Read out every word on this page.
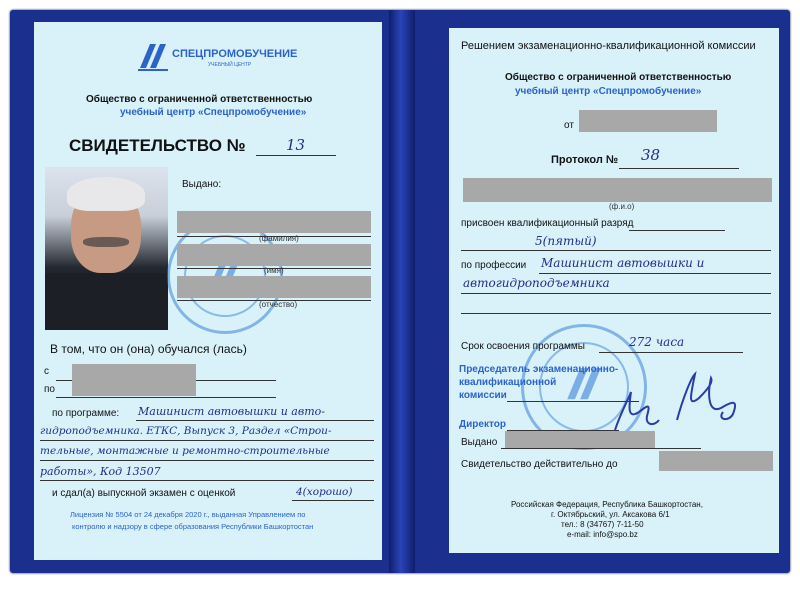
СПЕЦПРОМОБУЧЕНИЕ
УЧЕБНЫЙ ЦЕНТР
Общество с ограниченной ответственностью
учебный центр «Спецпромобучение»
СВИДЕТЕЛЬСТВО №	13
Выдано:
(фамилия)
(имя)
(отчество)
В том, что он (она) обучался (лась)
с
по
по программе: Машинист автовышки и авто-
гидроподъемника. ЕТКС, Выпуск 3, Раздел «Строи-
тельные, монтажные и ремонтно-строительные
работы», Код 13507
и сдал(а) выпускной экзамен с оценкой	4(хорошо)
Лицензия № 5504 от 24 декабря 2020 г., выданная Управлением по
контролю и надзору в сфере образования Республики Башкортостан
Решением экзаменационно-квалификационной комиссии
Общество с ограниченной ответственностью
учебный центр «Спецпромобучение»
от
Протокол № 38
(ф.и.о)
присвоен квалификационный разряд
5(пятый)
по профессии Машинист автовышки и
автогидроподъемника
Срок освоения программы	272 часа
Председатель экзаменационно-
квалификационной
комиссии
Директор
Выдано
Свидетельство действительно до
Российская Федерация, Республика Башкортостан,
г. Октябрьский, ул. Аксакова 6/1
тел.: 8 (34767) 7-11-50
e-mail: info@spo.bz
